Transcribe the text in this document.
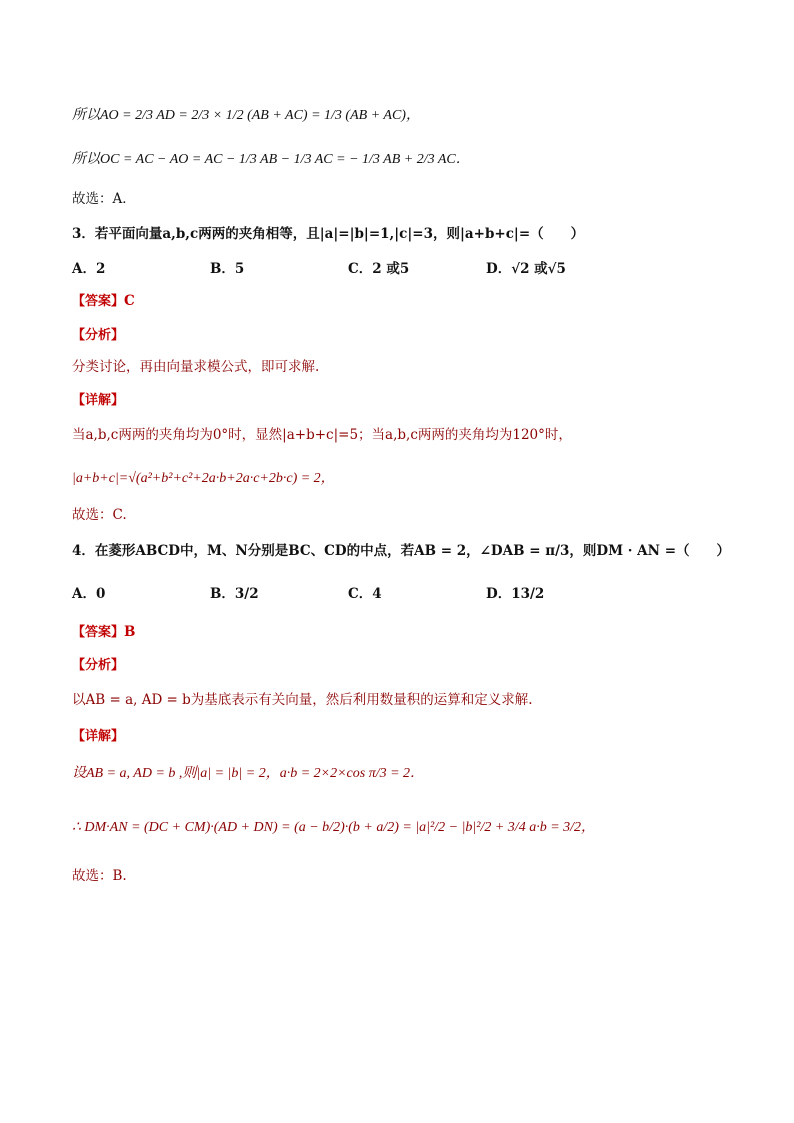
所以AO = 2/3 AD = 2/3 × 1/2 (AB + AC) = 1/3 (AB + AC)，
所以OC = AC − AO = AC − 1/3 AB − 1/3 AC = − 1/3 AB + 2/3 AC．
故选：A．
3．若平面向量a,b,c两两的夹角相等，且|a|=|b|=1,|c|=3，则|a+b+c|=（　　）
A．2	B．5	C．2 或5	D．√2 或√5
【答案】C
【分析】
分类讨论，再由向量求模公式，即可求解.
【详解】
当a,b,c两两的夹角均为0°时，显然|a+b+c|=5；当a,b,c两两的夹角均为120°时，
|a+b+c|=√(a²+b²+c²+2a·b+2a·c+2b·c) = 2，
故选：C.
4．在菱形ABCD中，M、N分别是BC、CD的中点，若AB = 2，∠DAB = π/3，则DM · AN =（　　）
A．0	B．3/2	C．4	D．13/2
【答案】B
【分析】
以AB = a, AD = b为基底表示有关向量，然后利用数量积的运算和定义求解.
【详解】
设AB = a, AD = b ,则|a| = |b| = 2，a·b = 2×2×cos π/3 = 2．
∴ DM·AN = (DC + CM)·(AD + DN) = (a − b/2)·(b + a/2) = |a|²/2 − |b|²/2 + 3/4 a·b = 3/2，
故选：B.
